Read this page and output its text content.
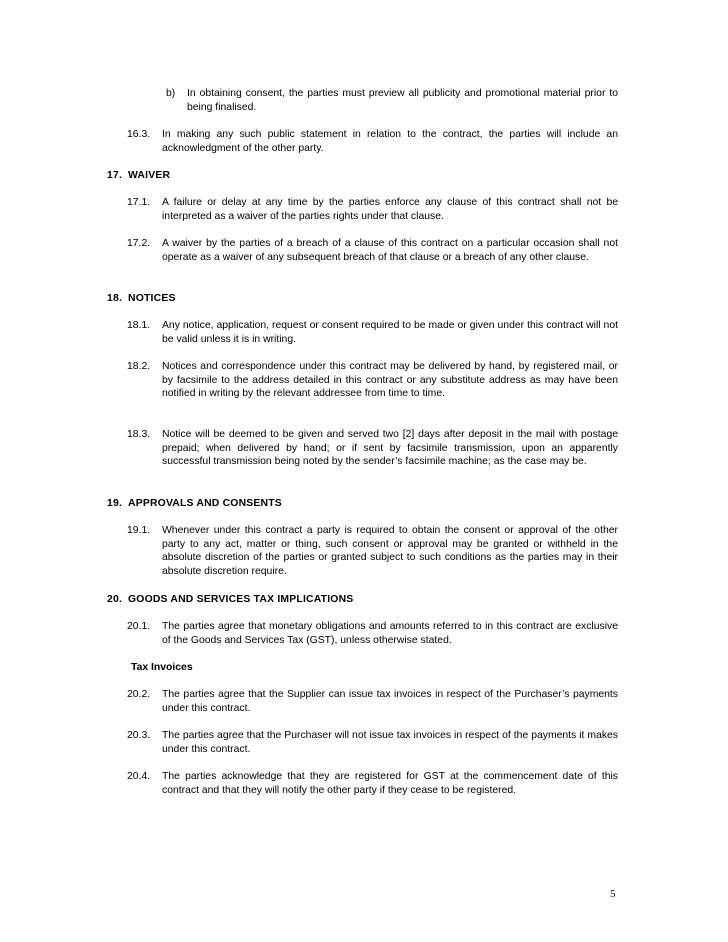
b) In obtaining consent, the parties must preview all publicity and promotional material prior to being finalised.

16.3. In making any such public statement in relation to the contract, the parties will include an acknowledgment of the other party.

17. WAIVER

17.1. A failure or delay at any time by the parties enforce any clause of this contract shall not be interpreted as a waiver of the parties rights under that clause.

17.2. A waiver by the parties of a breach of a clause of this contract on a particular occasion shall not operate as a waiver of any subsequent breach of that clause or a breach of any other clause.

18. NOTICES

18.1. Any notice, application, request or consent required to be made or given under this contract will not be valid unless it is in writing.

18.2. Notices and correspondence under this contract may be delivered by hand, by registered mail, or by facsimile to the address detailed in this contract or any substitute address as may have been notified in writing by the relevant addressee from time to time.

18.3. Notice will be deemed to be given and served two [2] days after deposit in the mail with postage prepaid; when delivered by hand; or if sent by facsimile transmission, upon an apparently successful transmission being noted by the sender’s facsimile machine; as the case may be.

19. APPROVALS AND CONSENTS

19.1. Whenever under this contract a party is required to obtain the consent or approval of the other party to any act, matter or thing, such consent or approval may be granted or withheld in the absolute discretion of the parties or granted subject to such conditions as the parties may in their absolute discretion require.

20. GOODS AND SERVICES TAX IMPLICATIONS

20.1. The parties agree that monetary obligations and amounts referred to in this contract are exclusive of the Goods and Services Tax (GST), unless otherwise stated.

Tax Invoices

20.2. The parties agree that the Supplier can issue tax invoices in respect of the Purchaser’s payments under this contract.

20.3. The parties agree that the Purchaser will not issue tax invoices in respect of the payments it makes under this contract.

20.4. The parties acknowledge that they are registered for GST at the commencement date of this contract and that they will notify the other party if they cease to be registered.

5
